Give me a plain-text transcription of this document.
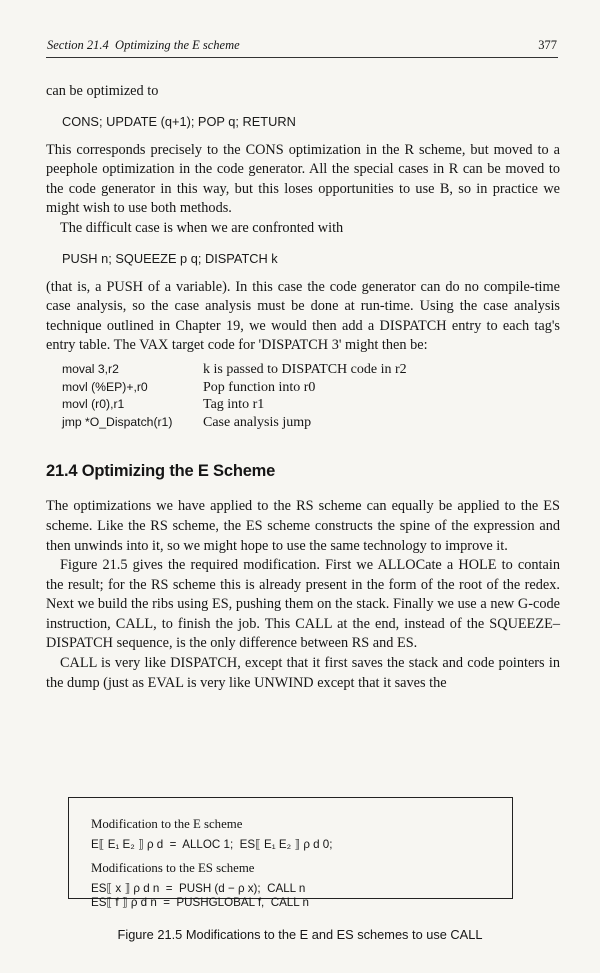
Section 21.4 Optimizing the E scheme	377

can be optimized to

CONS; UPDATE (q+1); POP q; RETURN

This corresponds precisely to the CONS optimization in the R scheme, but moved to a peephole optimization in the code generator. All the special cases in R can be moved to the code generator in this way, but this loses opportunities to use B, so in practice we might wish to use both methods.

The difficult case is when we are confronted with

PUSH n; SQUEEZE p q; DISPATCH k

(that is, a PUSH of a variable). In this case the code generator can do no compile-time case analysis, so the case analysis must be done at run-time. Using the case analysis technique outlined in Chapter 19, we would then add a DISPATCH entry to each tag's entry table. The VAX target code for 'DISPATCH 3' might then be:

moval 3,r2	k is passed to DISPATCH code in r2
movl (%EP)+,r0	Pop function into r0
movl (r0),r1	Tag into r1
jmp *O_Dispatch(r1)	Case analysis jump
21.4 Optimizing the E Scheme

The optimizations we have applied to the RS scheme can equally be applied to the ES scheme. Like the RS scheme, the ES scheme constructs the spine of the expression and then unwinds into it, so we might hope to use the same technology to improve it.

Figure 21.5 gives the required modification. First we ALLOCate a HOLE to contain the result; for the RS scheme this is already present in the form of the root of the redex. Next we build the ribs using ES, pushing them on the stack. Finally we use a new G-code instruction, CALL, to finish the job. This CALL at the end, instead of the SQUEEZE–DISPATCH sequence, is the only difference between RS and ES.

CALL is very like DISPATCH, except that it first saves the stack and code pointers in the dump (just as EVAL is very like UNWIND except that it saves the

Modification to the E scheme
E⟦ E₁ E₂ ⟧ ρ d  =  ALLOC 1;  ES⟦ E₁ E₂ ⟧ ρ d 0;
Modifications to the ES scheme
ES⟦ x ⟧ ρ d n  =  PUSH (d − ρ x);  CALL n
ES⟦ f ⟧ ρ d n  =  PUSHGLOBAL f,  CALL n
Figure 21.5 Modifications to the E and ES schemes to use CALL
